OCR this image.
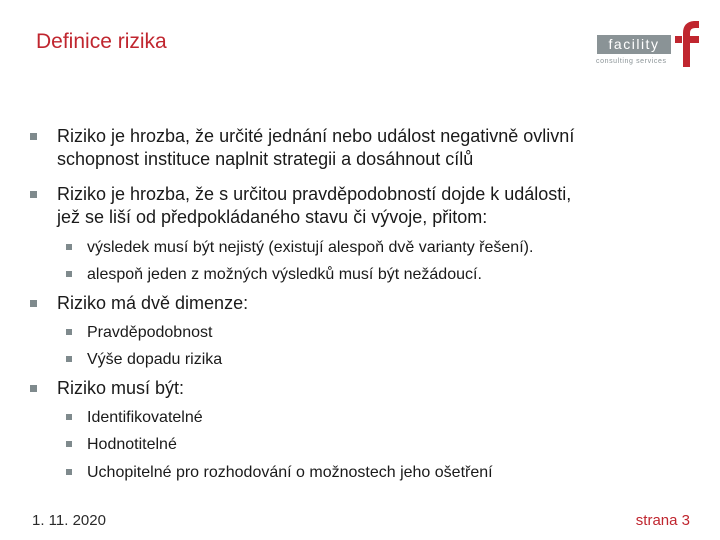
Definice rizika	facility
consulting services
Riziko je hrozba, že určité jednání nebo událost negativně ovlivní
schopnost instituce naplnit strategii a dosáhnout cílů
Riziko je hrozba, že s určitou pravděpodobností dojde k události,
jež se liší od předpokládaného stavu či vývoje, přitom:
výsledek musí být nejistý (existují alespoň dvě varianty řešení).
alespoň jeden z možných výsledků musí být nežádoucí.
Riziko má dvě dimenze:
Pravděpodobnost
Výše dopadu rizika
Riziko musí být:
Identifikovatelné
Hodnotitelné
Uchopitelné pro rozhodování o možnostech jeho ošetření
1. 11. 2020	strana 3
